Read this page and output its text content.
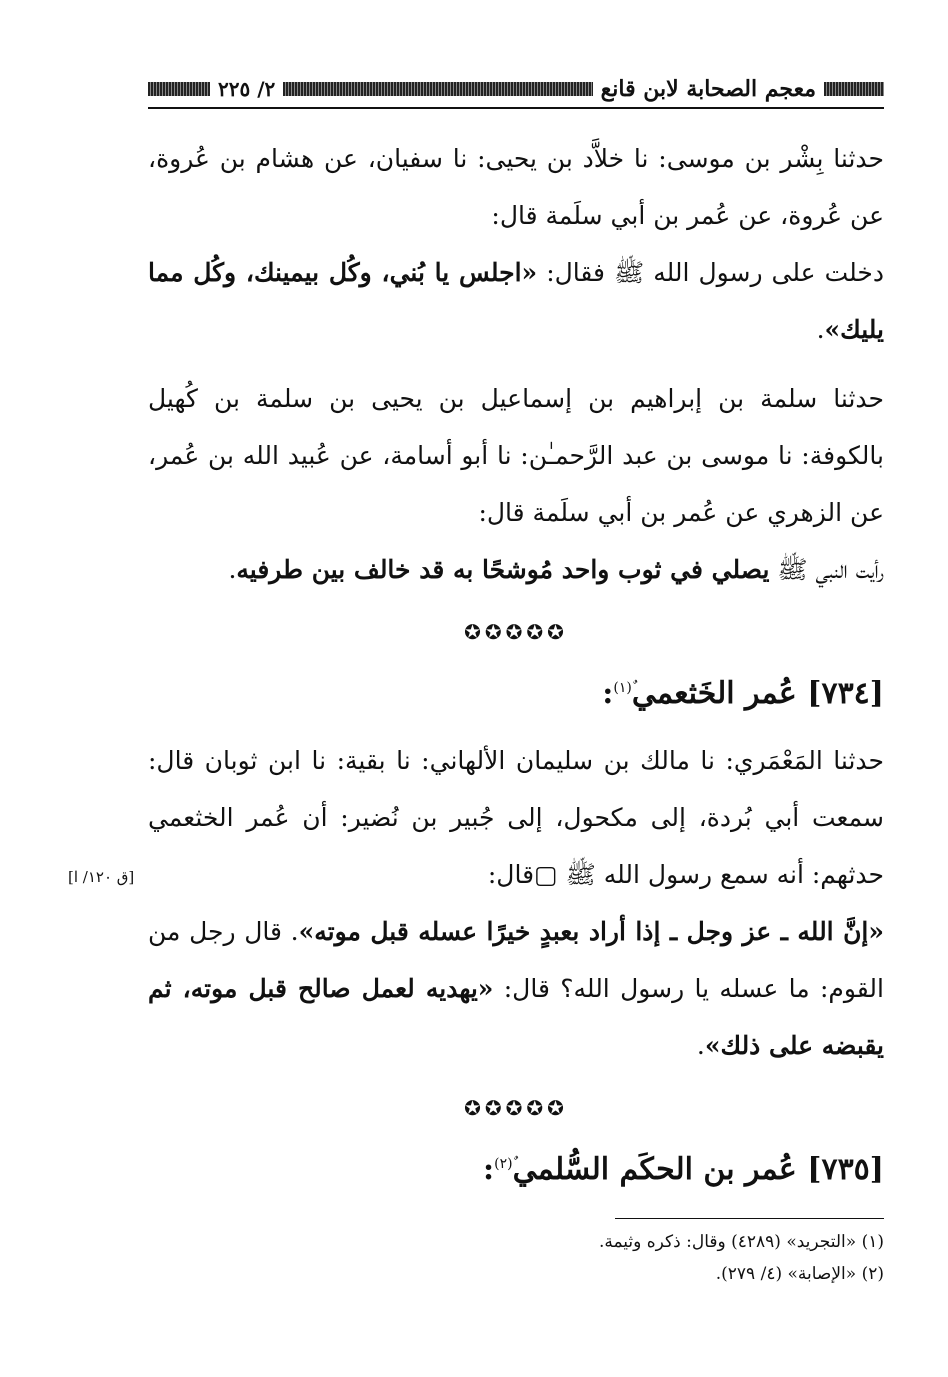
معجم الصحابة لابن قانع
٢/ ٢٢٥

حدثنا بِشْر بن موسى: نا خلاَّد بن يحيى: نا سفيان، عن هشام بن عُروة، عن عُروة، عن عُمر بن أبي سلَمة قال:

دخلت على رسول الله ﷺ فقال: «اجلس يا بُني، وكُل بيمينك، وكُل مما يليك».

حدثنا سلمة بن إبراهيم بن إسماعيل بن يحيى بن سلمة بن كُهيل بالكوفة: نا موسى بن عبد الرَّحمـٰن: نا أبو أسامة، عن عُبيد الله بن عُمر، عن الزهري عن عُمر بن أبي سلَمة قال:

رأيت النبي ﷺ يصلي في ثوب واحد مُوشحًا به قد خالف بين طرفيه.

✪✪✪✪✪
[٧٣٤] عُمر الخَثعمي$^{ٌ(١)}$:

حدثنا المَعْمَري: نا مالك بن سليمان الألهاني: نا بقية: نا ابن ثوبان قال: سمعت أبي بُردة، إلى مكحول، إلى جُبير بن نُضير: أن عُمر الخثعمي حدثهم: أنه سمع رسول الله ﷺ ▢قال:

«إنَّ الله ـ عز وجل ـ إذا أراد بعبدٍ خيرًا عسله قبل موته». قال رجل من القوم: ما عسله يا رسول الله؟ قال: «يهديه لعمل صالح قبل موته، ثم يقبضه على ذلك».

✪✪✪✪✪
[٧٣٥] عُمر بن الحكَم السُّلمي$^{ٌ(٢)}$:
[ق ١٢٠/ ا]

(١) «التجريد» (٤٢٨٩) وقال: ذكره وثيمة.

(٢) «الإصابة» (٤/ ٢٧٩).
